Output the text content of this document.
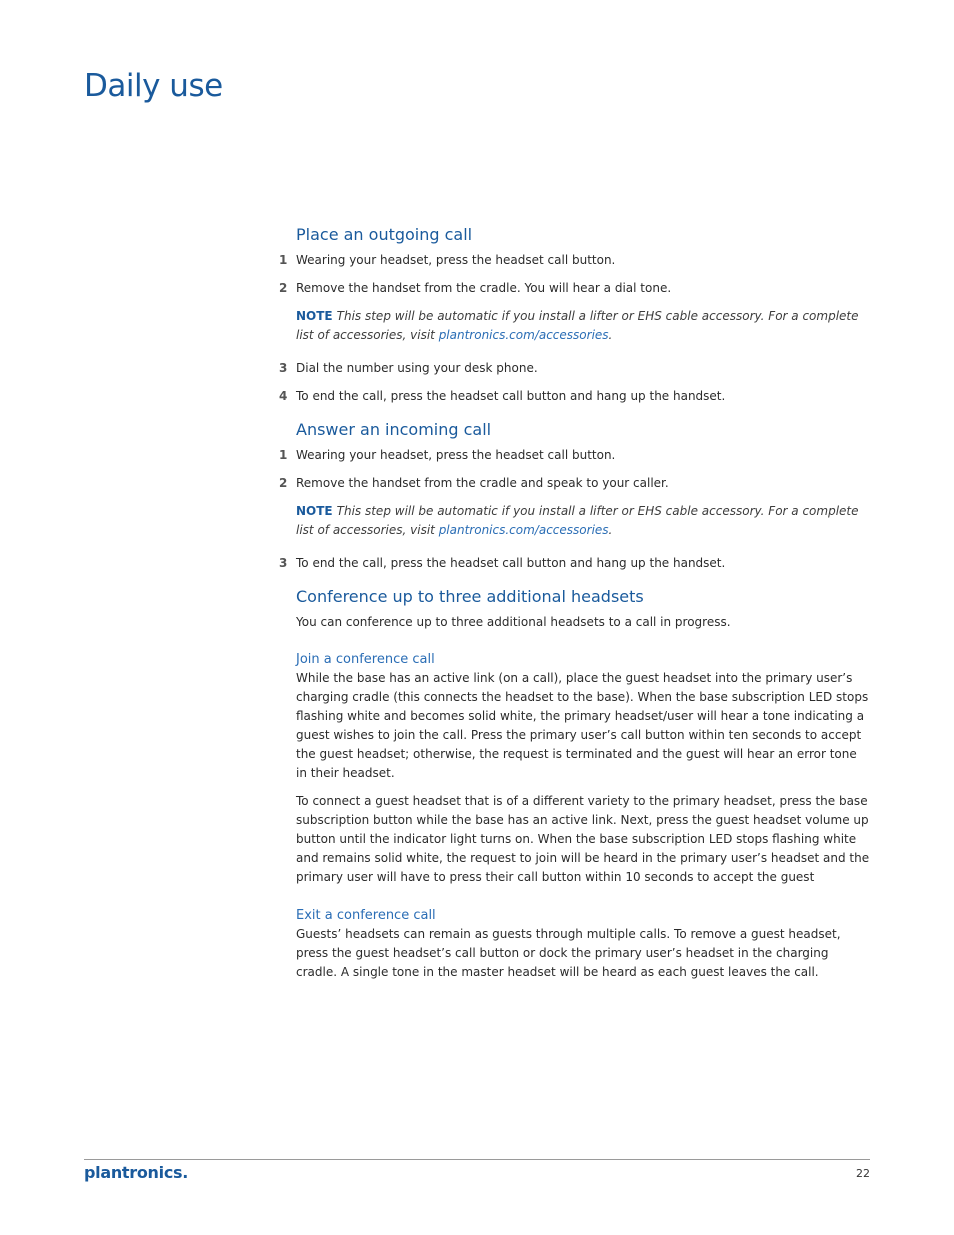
Daily use
Place an outgoing call
1 Wearing your headset, press the headset call button.
2 Remove the handset from the cradle. You will hear a dial tone.
NOTE This step will be automatic if you install a lifter or EHS cable accessory. For a complete list of accessories, visit plantronics.com/accessories.
3 Dial the number using your desk phone.
4 To end the call, press the headset call button and hang up the handset.
Answer an incoming call
1 Wearing your headset, press the headset call button.
2 Remove the handset from the cradle and speak to your caller.
NOTE This step will be automatic if you install a lifter or EHS cable accessory. For a complete list of accessories, visit plantronics.com/accessories.
3 To end the call, press the headset call button and hang up the handset.
Conference up to three additional headsets

You can conference up to three additional headsets to a call in progress.

Join a conference call

While the base has an active link (on a call), place the guest headset into the primary user’s charging cradle (this connects the headset to the base). When the base subscription LED stops flashing white and becomes solid white, the primary headset/user will hear a tone indicating a guest wishes to join the call. Press the primary user’s call button within ten seconds to accept the guest headset; otherwise, the request is terminated and the guest will hear an error tone in their headset.

To connect a guest headset that is of a different variety to the primary headset, press the base subscription button while the base has an active link. Next, press the guest headset volume up button until the indicator light turns on. When the base subscription LED stops flashing white and remains solid white, the request to join will be heard in the primary user’s headset and the primary user will have to press their call button within 10 seconds to accept the guest

Exit a conference call

Guests’ headsets can remain as guests through multiple calls. To remove a guest headset, press the guest headset’s call button or dock the primary user’s headset in the charging cradle. A single tone in the master headset will be heard as each guest leaves the call.

plantronics.	22
